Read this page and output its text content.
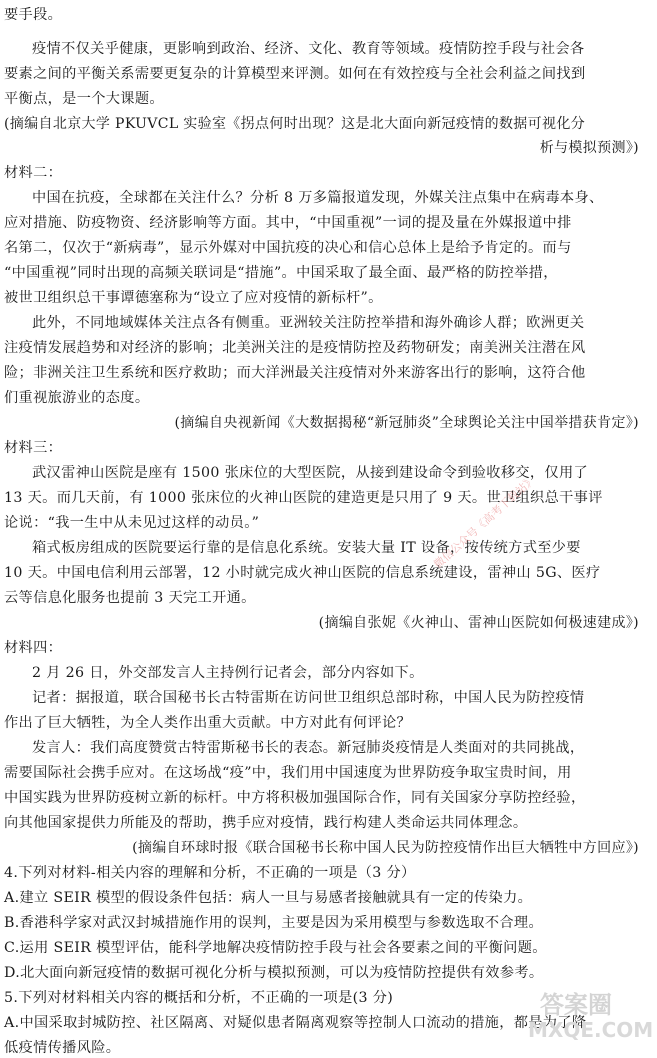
要手段。
疫情不仅关乎健康，更影响到政治、经济、文化、教育等领域。疫情防控手段与社会各
要素之间的平衡关系需要更复杂的计算模型来评测。如何在有效控疫与全社会利益之间找到
平衡点，是一个大课题。
(摘编自北京大学 PKUVCL 实验室《拐点何时出现？这是北大面向新冠疫情的数据可视化分
析与模拟预测》)
材料二：
中国在抗疫，全球都在关注什么？分析 8 万多篇报道发现，外媒关注点集中在病毒本身、
应对措施、防疫物资、经济影响等方面。其中，“中国重视”一词的提及量在外媒报道中排
名第二，仅次于“新病毒”，显示外媒对中国抗疫的决心和信心总体上是给予肯定的。而与
“中国重视”同时出现的高频关联词是“措施”。中国采取了最全面、最严格的防控举措，
被世卫组织总干事谭德塞称为“设立了应对疫情的新标杆”。
此外，不同地域媒体关注点各有侧重。亚洲较关注防控举措和海外确诊人群；欧洲更关
注疫情发展趋势和对经济的影响；北美洲关注的是疫情防控及药物研发；南美洲关注潜在风
险；非洲关注卫生系统和医疗救助；而大洋洲最关注疫情对外来游客出行的影响，这符合他
们重视旅游业的态度。
(摘编自央视新闻《大数据揭秘“新冠肺炎”全球舆论关注中国举措获肯定》)
材料三：
武汉雷神山医院是座有 1500 张床位的大型医院，从接到建设命令到验收移交，仅用了
13 天。而几天前，有 1000 张床位的火神山医院的建造更是只用了 9 天。世卫组织总干事评
论说：“我一生中从未见过这样的动员。”
箱式板房组成的医院要运行靠的是信息化系统。安装大量 IT 设备，按传统方式至少要
10 天。中国电信利用云部署，12 小时就完成火神山医院的信息系统建设，雷神山 5G、医疗
云等信息化服务也提前 3 天完工开通。
(摘编自张妮《火神山、雷神山医院如何极速建成》)
材料四：
2 月 26 日，外交部发言人主持例行记者会，部分内容如下。
记者：据报道，联合国秘书长古特雷斯在访问世卫组织总部时称，中国人民为防控疫情
作出了巨大牺牲，为全人类作出重大贡献。中方对此有何评论？
发言人：我们高度赞赏古特雷斯秘书长的表态。新冠肺炎疫情是人类面对的共同挑战，
需要国际社会携手应对。在这场战“疫”中，我们用中国速度为世界防疫争取宝贵时间，用
中国实践为世界防疫树立新的标杆。中方将积极加强国际合作，同有关国家分享防控经验，
向其他国家提供力所能及的帮助，携手应对疫情，践行构建人类命运共同体理念。
(摘编自环球时报《联合国秘书长称中国人民为防控疫情作出巨大牺牲中方回应》)
4.下列对材料-相关内容的理解和分析，不正确的一项是（3 分）
A.建立 SEIR 模型的假设条件包括：病人一旦与易感者接触就具有一定的传染力。
B.香港科学家对武汉封城措施作用的误判，主要是因为采用模型与参数选取不合理。
C.运用 SEIR 模型评估，能科学地解决疫情防控手段与社会各要素之间的平衡问题。
D.北大面向新冠疫情的数据可视化分析与模拟预测，可以为疫情防控提供有效参考。
5.下列对材料相关内容的概括和分析，不正确的一项是(3 分)
A.中国采取封城防控、社区隔离、对疑似患者隔离观察等控制人口流动的措施，都是为了降
低疫情传播风险。
微信公众号《高考下载站》
答案圈
MXQE.COM
